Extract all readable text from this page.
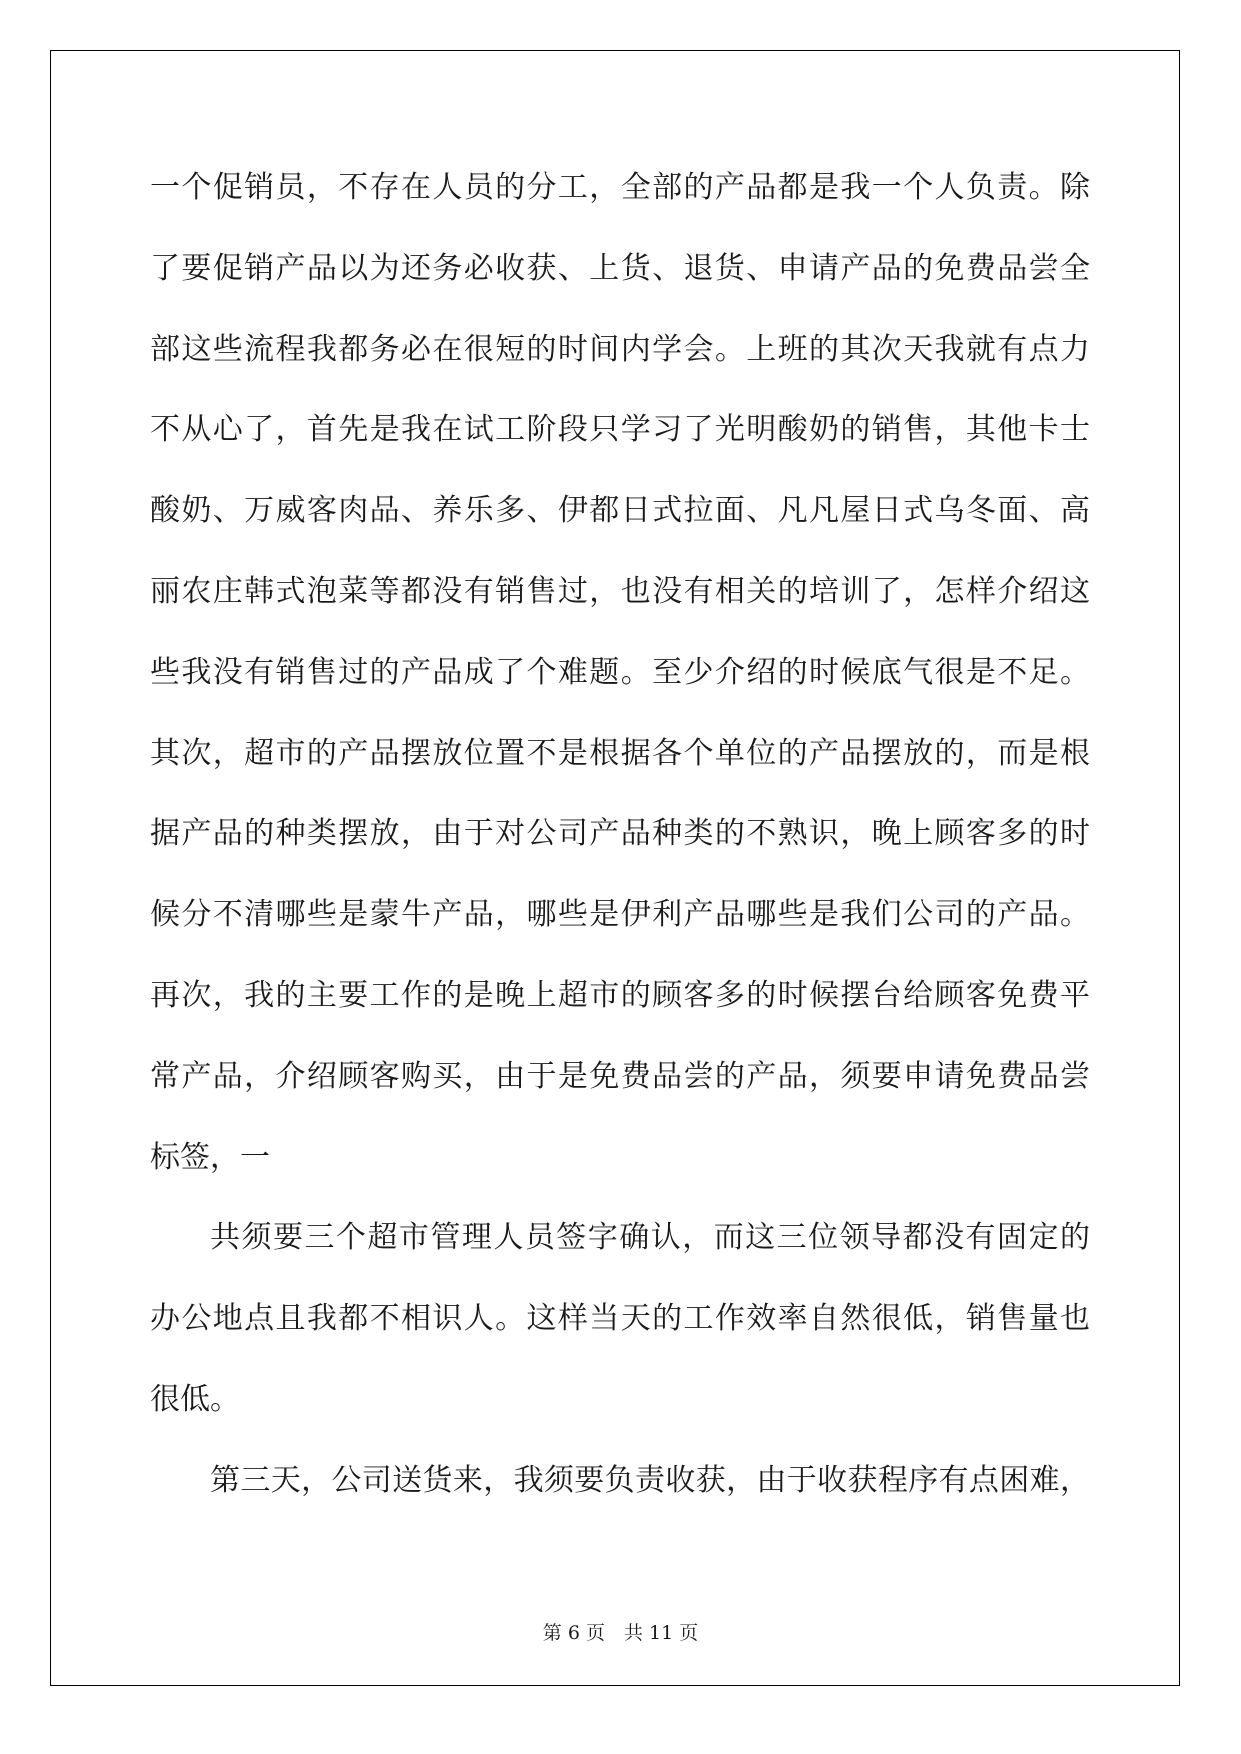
一个促销员，不存在人员的分工，全部的产品都是我一个人负责。除

了要促销产品以为还务必收获、上货、退货、申请产品的免费品尝全

部这些流程我都务必在很短的时间内学会。上班的其次天我就有点力

不从心了，首先是我在试工阶段只学习了光明酸奶的销售，其他卡士

酸奶、万威客肉品、养乐多、伊都日式拉面、凡凡屋日式乌冬面、高

丽农庄韩式泡菜等都没有销售过，也没有相关的培训了，怎样介绍这

些我没有销售过的产品成了个难题。至少介绍的时候底气很是不足。

其次，超市的产品摆放位置不是根据各个单位的产品摆放的，而是根

据产品的种类摆放，由于对公司产品种类的不熟识，晚上顾客多的时

候分不清哪些是蒙牛产品，哪些是伊利产品哪些是我们公司的产品。

再次，我的主要工作的是晚上超市的顾客多的时候摆台给顾客免费平

常产品，介绍顾客购买，由于是免费品尝的产品，须要申请免费品尝

标签，一

共须要三个超市管理人员签字确认，而这三位领导都没有固定的

办公地点且我都不相识人。这样当天的工作效率自然很低，销售量也

很低。

第三天，公司送货来，我须要负责收获，由于收获程序有点困难，

第 6 页　共 11 页
